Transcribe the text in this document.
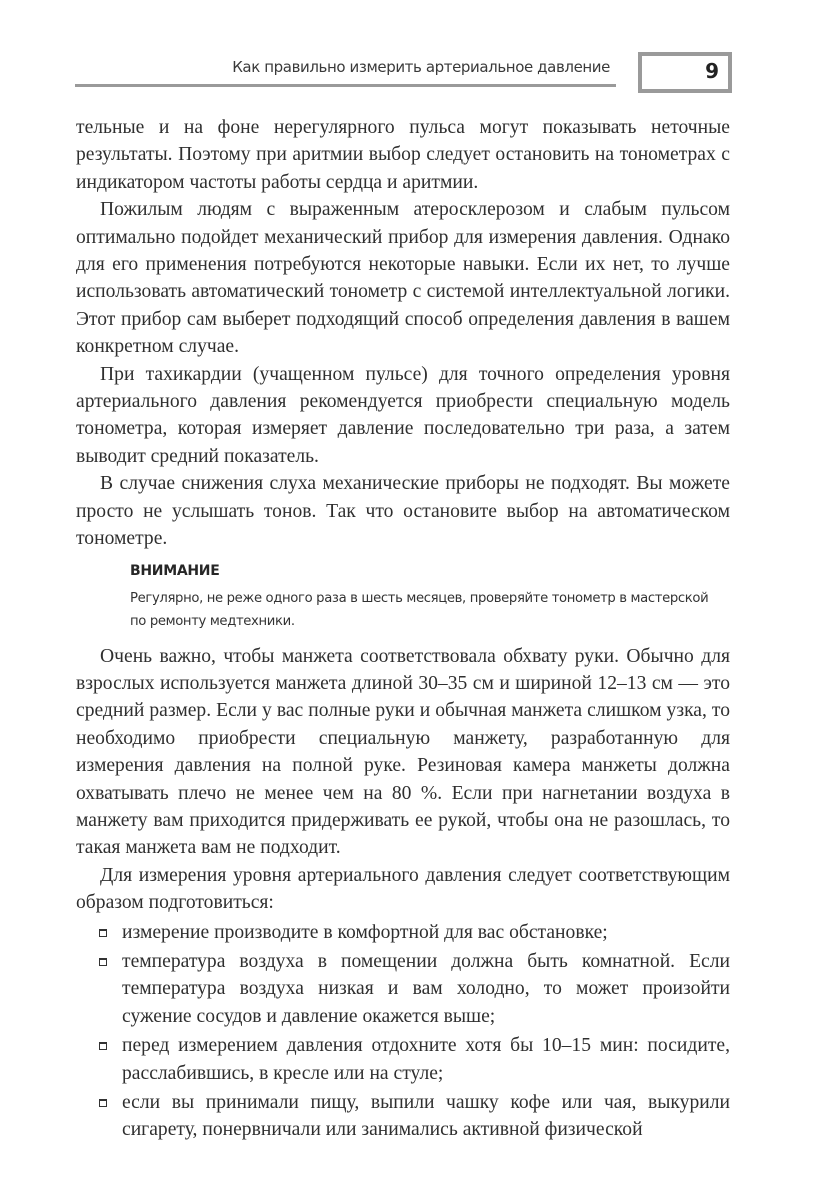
Как правильно измерить артериальное давление	9

тельные и на фоне нерегулярного пульса могут показывать неточные результаты. Поэтому при аритмии выбор следует остановить на тонометрах с индикатором частоты работы сердца и аритмии.

Пожилым людям с выраженным атеросклерозом и слабым пульсом оптимально подойдет механический прибор для измерения давления. Однако для его применения потребуются некоторые навыки. Если их нет, то лучше использовать автоматический тонометр с системой интеллектуальной логики. Этот прибор сам выберет подходящий способ определения давления в вашем конкретном случае.

При тахикардии (учащенном пульсе) для точного определения уровня артериального давления рекомендуется приобрести специальную модель тонометра, которая измеряет давление последовательно три раза, а затем выводит средний показатель.

В случае снижения слуха механические приборы не подходят. Вы можете просто не услышать тонов. Так что остановите выбор на автоматическом тонометре.

ВНИМАНИЕ

Регулярно, не реже одного раза в шесть месяцев, проверяйте тонометр в мастерской по ремонту медтехники.

Очень важно, чтобы манжета соответствовала обхвату руки. Обычно для взрослых используется манжета длиной 30–35 см и шириной 12–13 см — это средний размер. Если у вас полные руки и обычная манжета слишком узка, то необходимо приобрести специальную манжету, разработанную для измерения давления на полной руке. Резиновая камера манжеты должна охватывать плечо не менее чем на 80 %. Если при нагнетании воздуха в манжету вам приходится придерживать ее рукой, чтобы она не разошлась, то такая манжета вам не подходит.

Для измерения уровня артериального давления следует соответствующим образом подготовиться:

измерение производите в комфортной для вас обстановке;
температура воздуха в помещении должна быть комнатной. Если температура воздуха низкая и вам холодно, то может произойти сужение сосудов и давление окажется выше;
перед измерением давления отдохните хотя бы 10–15 мин: посидите, расслабившись, в кресле или на стуле;
если вы принимали пищу, выпили чашку кофе или чая, выкурили сигарету, понервничали или занимались активной физической
